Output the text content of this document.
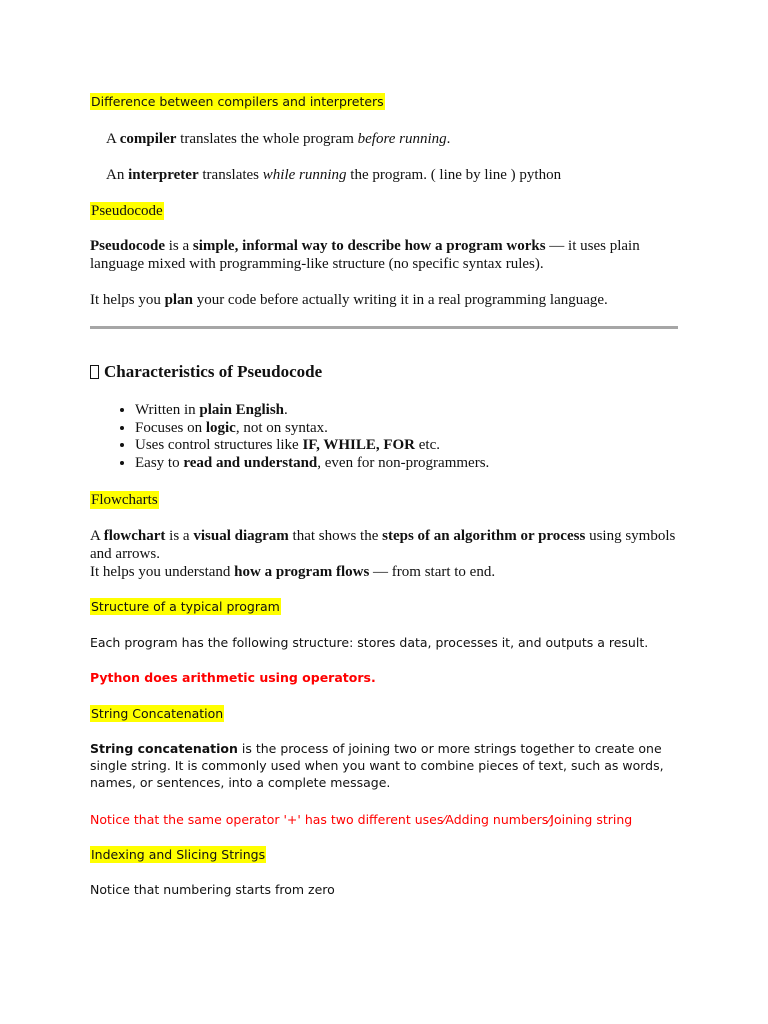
Difference between compilers and interpreters

A compiler translates the whole program before running.

An interpreter translates while running the program. ( line by line ) python

Pseudocode

Pseudocode is a simple, informal way to describe how a program works — it uses plain language mixed with programming-like structure (no specific syntax rules).

It helps you plan your code before actually writing it in a real programming language.

Characteristics of Pseudocode
• Written in plain English.
• Focuses on logic, not on syntax.
• Uses control structures like IF, WHILE, FOR etc.
• Easy to read and understand, even for non-programmers.

Flowcharts

A flowchart is a visual diagram that shows the steps of an algorithm or process using symbols and arrows.

It helps you understand how a program flows — from start to end.

Structure of a typical program

Each program has the following structure: stores data, processes it, and outputs a result.

Python does arithmetic using operators.

String Concatenation

String concatenation is the process of joining two or more strings together to create one single string. It is commonly used when you want to combine pieces of text, such as words, names, or sentences, into a complete message.

Notice that the same operator '+' has two different uses⁄Adding numbers⁄Joining string

Indexing and Slicing Strings

Notice that numbering starts from zero
